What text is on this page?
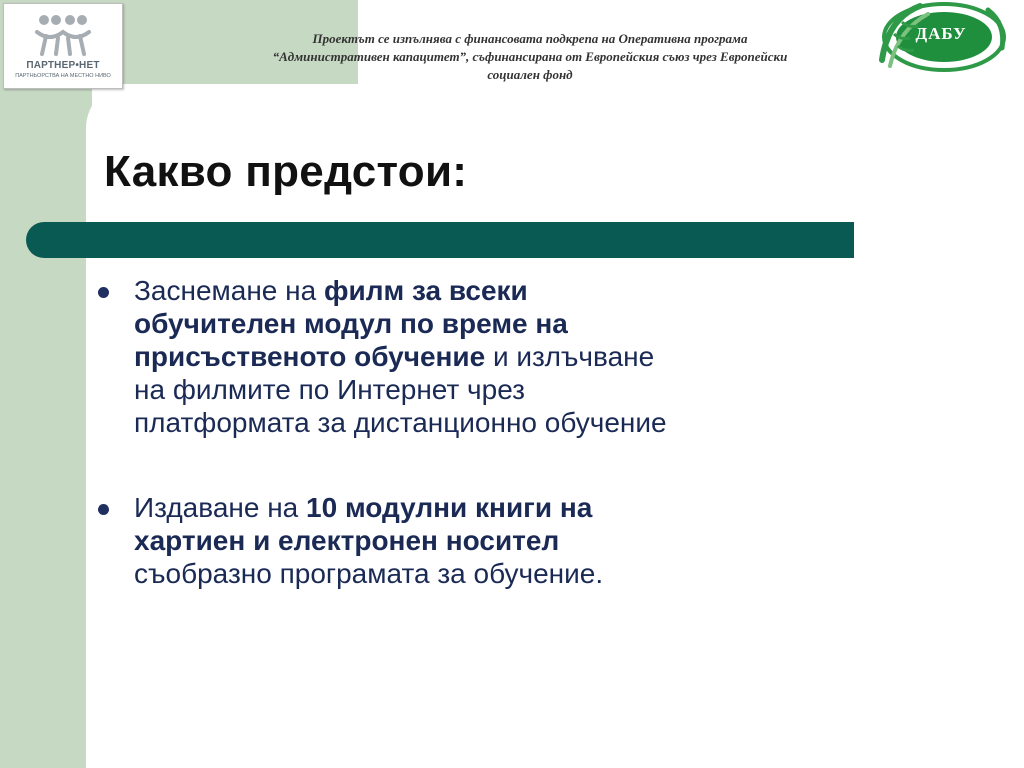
ПАРТНЕР•НЕТ
ПАРТНЬОРСТВА НА МЕСТНО НИВО
Проектът се изпълнява с финансовата подкрепа на Оперативна програма
“Административен капацитет”, съфинансирана от Европейския съюз чрез Европейски
социален фонд
ДАБУ
Какво предстои:
Заснемане на филм за всеки
обучителен модул по време на
присъственото обучение и излъчване
на филмите по Интернет чрез
платформата за дистанционно обучение
Издаване на 10 модулни книги на
хартиен и електронен носител
съобразно програмата за обучение.
